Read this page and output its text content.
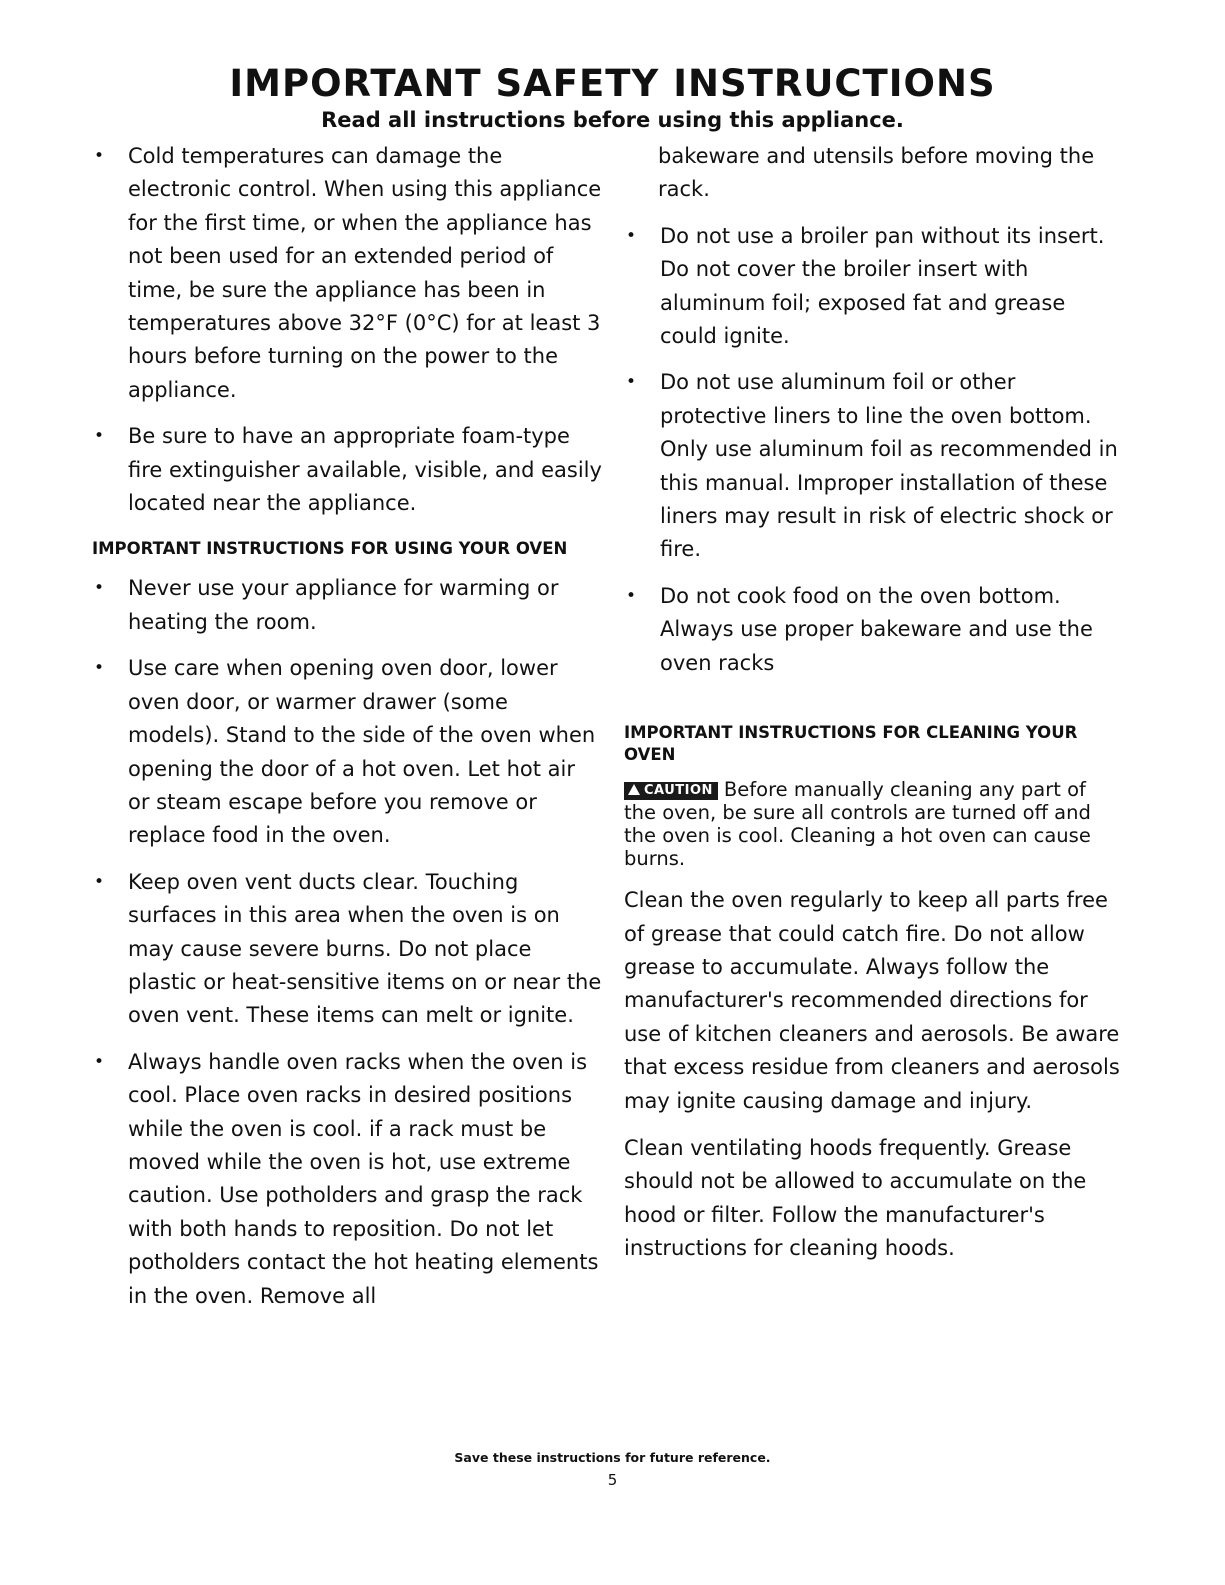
IMPORTANT SAFETY INSTRUCTIONS
Read all instructions before using this appliance.
• Cold temperatures can damage the electronic control. When using this appliance for the first time, or when the appliance has not been used for an extended period of time, be sure the appliance has been in temperatures above 32°F (0°C) for at least 3 hours before turning on the power to the appliance.
• Be sure to have an appropriate foam-type fire extinguisher available, visible, and easily located near the appliance.
IMPORTANT INSTRUCTIONS FOR USING YOUR OVEN
• Never use your appliance for warming or heating the room.
• Use care when opening oven door, lower oven door, or warmer drawer (some models). Stand to the side of the oven when opening the door of a hot oven. Let hot air or steam escape before you remove or replace food in the oven.
• Keep oven vent ducts clear. Touching surfaces in this area when the oven is on may cause severe burns. Do not place plastic or heat-sensitive items on or near the oven vent. These items can melt or ignite.
• Always handle oven racks when the oven is cool. Place oven racks in desired positions while the oven is cool. if a rack must be moved while the oven is hot, use extreme caution. Use potholders and grasp the rack with both hands to reposition. Do not let potholders contact the hot heating elements in the oven. Remove all
bakeware and utensils before moving the rack.
• Do not use a broiler pan without its insert. Do not cover the broiler insert with aluminum foil; exposed fat and grease could ignite.
• Do not use aluminum foil or other protective liners to line the oven bottom. Only use aluminum foil as recommended in this manual. Improper installation of these liners may result in risk of electric shock or fire.
• Do not cook food on the oven bottom. Always use proper bakeware and use the oven racks
IMPORTANT INSTRUCTIONS FOR CLEANING YOUR OVEN
CAUTION Before manually cleaning any part of the oven, be sure all controls are turned off and the oven is cool. Cleaning a hot oven can cause burns.

Clean the oven regularly to keep all parts free of grease that could catch fire. Do not allow grease to accumulate. Always follow the manufacturer's recommended directions for use of kitchen cleaners and aerosols. Be aware that excess residue from cleaners and aerosols may ignite causing damage and injury.

Clean ventilating hoods frequently. Grease should not be allowed to accumulate on the hood or filter. Follow the manufacturer's instructions for cleaning hoods.

Save these instructions for future reference.
5
